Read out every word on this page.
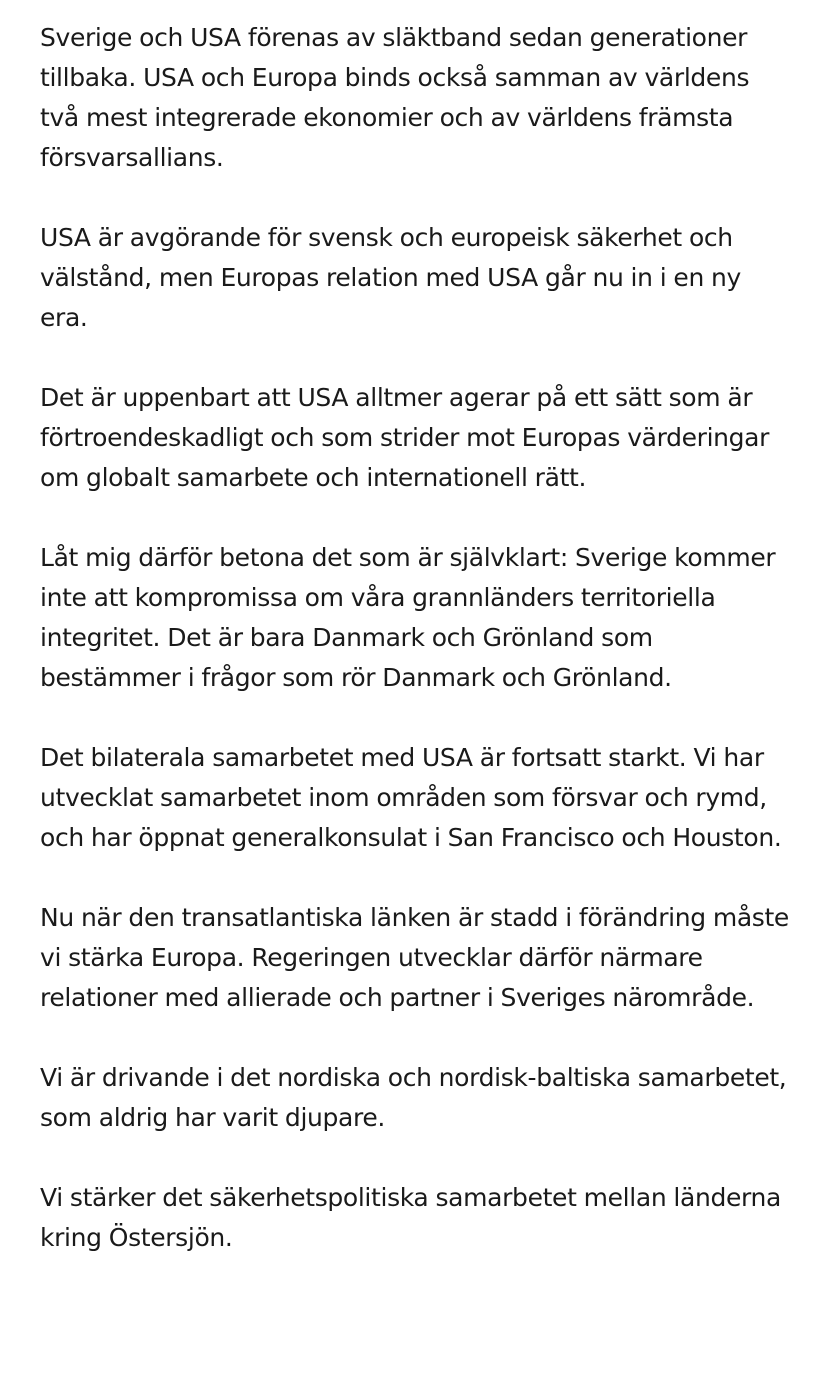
Sverige och USA förenas av släktband sedan generationer tillbaka. USA och Europa binds också samman av världens två mest integrerade ekonomier och av världens främsta försvarsallians.

USA är avgörande för svensk och europeisk säkerhet och välstånd, men Europas relation med USA går nu in i en ny era.

Det är uppenbart att USA alltmer agerar på ett sätt som är förtroendeskadligt och som strider mot Europas värderingar om globalt samarbete och internationell rätt.

Låt mig därför betona det som är självklart: Sverige kommer inte att kompromissa om våra grannländers territoriella integritet. Det är bara Danmark och Grönland som bestämmer i frågor som rör Danmark och Grönland.

Det bilaterala samarbetet med USA är fortsatt starkt. Vi har utvecklat samarbetet inom områden som försvar och rymd, och har öppnat generalkonsulat i San Francisco och Houston.

Nu när den transatlantiska länken är stadd i förändring måste vi stärka Europa. Regeringen utvecklar därför närmare relationer med allierade och partner i Sveriges närområde.

Vi är drivande i det nordiska och nordisk-baltiska samarbetet, som aldrig har varit djupare.

Vi stärker det säkerhetspolitiska samarbetet mellan länderna kring Östersjön.
